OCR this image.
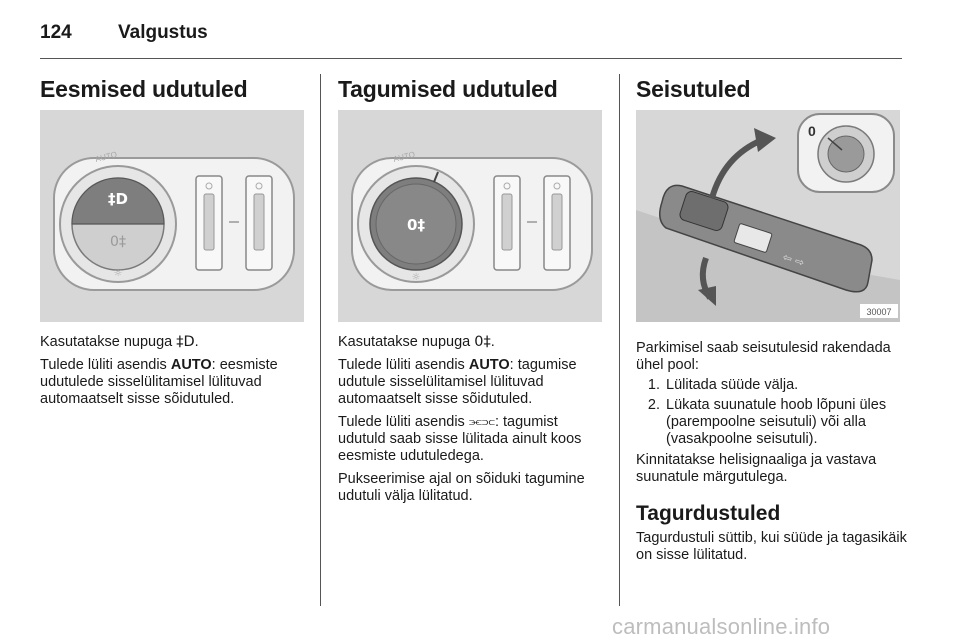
124 Valgustus
Eesmised udutuled
‡D
0‡
AUTO
☼

Kasutatakse nupuga ‡D.

Tulede lüliti asendis AUTO: eesmiste udutulede sisselülitamisel lülituvad automaatselt sisse sõidutuled.

Tagumised udutuled
0‡
AUTO
☼

Kasutatakse nupuga 0‡.

Tulede lüliti asendis AUTO: tagumise udutule sisselülitamisel lülituvad automaatselt sisse sõidutuled.

Tulede lüliti asendis ⫘⫗: tagumist udutuld saab sisse lülitada ainult koos eesmiste udutuledega.

Pukseerimise ajal on sõiduki tagumine udutuli välja lülitatud.

Seisutuled
⇦ ⇨
0
30007

Parkimisel saab seisutulesid rakendada ühel pool:

1. Lülitada süüde välja.
2. Lükata suunatule hoob lõpuni üles (parempoolne seisutuli) või alla (vasakpoolne seisutuli).

Kinnitatakse helisignaaliga ja vastava suunatule märgutulega.

Tagurdustuled

Tagurdustuli süttib, kui süüde ja tagasikäik on sisse lülitatud.

carmanualsonline.info
